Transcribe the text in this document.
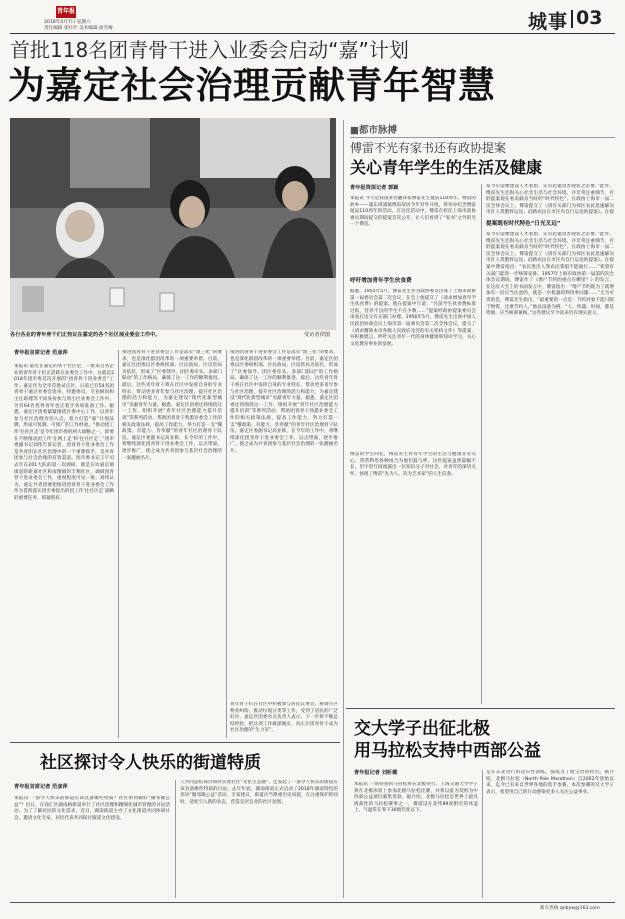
青年报
2018年4月7日 星期六
责任编辑 张红叶 美术编辑 徐雪梅	城事 03
首批118名团青骨干进入业委会启动“嘉”计划
为嘉定社会治理贡献青年智慧
各行各业的青年骨干们正热议在嘉定的各个社区展业委会工作中。	受访者供图
■都市脉搏
傅雷不光有家书还有政协提案
关心青年学生的生活及健康
青年报资深记者 郭颖
本报讯 今天是我国著名翻译家傅雷先生诞辰110周年。傅雷的故乡——浦东周浦镇傅雷故居今年对外开放，将举办纪念傅雷诞辰110周年的活动。在这次活动中，傅雷在担任上海市政协委员期间提交的提案首次公开，让人们看到了“家书”之外的另一个傅雷。
呼吁增加青年学生伙食费
据悉，1955年5月，傅雷先生作为政协委员出席了上海市政协第一届委员会第二次会议，在会上他提交了《请求增加青年学生伙食费》的提案。他在提案中写道：“目前学生伙食费标准过低，营养不良的学生不在少数……”提案经政协提案委员会审查后送交有关部门办理。1956年5月，傅雷先生出席中国人民政治协商会议上海市第一届委员会第二次全体会议，提交了《请求精简本市各级人民政府及党的有关机构文件》等提案，并积极建言，呼吁关注青年一代的身体健康和知识学习，关心文化教育事业的发展。
傅雷的学生回忆，傅雷先生对青年学生的生活与健康非常关心，常常利用各种场合为他们鼓与呼。这些提案虽然篇幅不长，但字里行间流露出一位知识分子对社会、对青年的深切关怀，体现了傅雷“先为人、次为艺术家”的人生信条。
家今后需要建设人才着想，实有迅速改善现状之必要。”此外，傅雷先生还很关心社会生活与社会环境，并非常注重细节，有的提案现在看来颇具当时的“时代特色”。在政协上海市一届二次全体会议上，傅雷提交了《请有关部门为郊区农民迅速解决市区人粪肥料运送、沿路农民在市区内自行运送的提案》。在提
提案既有时代特色“日光叉远”
家今后需要建设人才着想，实有迅速改善现状之必要。”此外，傅雷先生还很关心社会生活与社会环境，并非常注重细节，有的提案现在看来颇具当时的“时代特色”。在政协上海市一届二次全体会议上，傅雷提交了《请有关部门为郊区农民迅速解决市区人粪肥料运送、沿路农民在市区内自行运送的提案》。在提案中傅雷指出：“农民进出人粪农民粪船不能通行……”希望有关部门能进一步统筹安排。1957年上海市政协第一届第四次全体会议期间，傅雷作了《增产节约的重点在哪里？》的发言，在这次大会上的书面发言中，傅雷指出：“增产节约既为了既增加有一倍应当注意的，就是一台机器的利用率问题……”尤为可贵的是，傅雷先生指出，“最重要的一点是：节约对象不能只限于物资，还要节约人。”他以设备为例，“人、机器、时间，都是资源，应当统筹兼顾。”这些建议至今读来仍有现实意义。
青年报首席记者 范彦萍
本报讯 最近在嘉定的各个社区里，一批来自各企业的青年骨干们正活跃在业委会工作中，这就是2018年团市委首次开展的“团青骨干进业委会”工作。嘉定作为全市首批试点区，日前已有54名团青骨干通过业委会选举，特邀委员，专业顾问和主任助理等不同身份参与到小区业委会工作中。另有64名优秀青年也正着手各项准备工作。据悉，嘉定区团委紧紧围绕区委中心工作，以青年参与社区治理为切入点，着力打造“嘉”计划品牌，形成可复制、可推广的工作经验。“推动团工作‘往社区走’是今年团市委的两大战略之一，即要在不断推动团工作‘在网上走’和‘往社区走’，”团市委副书记刘伟告诉记者，团青骨干进业委会工作是共青团在社区治理中的一个重要抓手，是共青团参与社会治理的有效渠道。团市委书记王宇司去年在201大队的第一次调研，就是在访嘉定镇街道的新嘉社区和南翔镇的丰翔社区，调研团青骨干进业委会工作，重视程度可见一斑。刘伟认为，嘉定共青团要把推进团青骨干进业委会工作作为贯彻落实团市委提出的团工作‘往社区走’战略的重要任务，抓紧抓好。
推进团青骨干进业委会工作是落实“建三化”的要求，也是深化群团改革的一项重要举措。目前，嘉定区团委以区委组织部、区民政局、区房管局为依托，形成了“区委领导、团区委牵头、多部门联动”的工作格局，确保了这一工作的顺利推进。最后，这些青年骨干将在社区中发挥自身的专业特长，带动更多青年参与社区治理，提升社区治理的活力和能力，为嘉定建设“现代化新型城市”贡献青年力量。据悉，嘉定区团委还将围绕这一工作，组织开展“青年社区治理能力提升培训”等系列活动，帮助团青骨干熟悉业委会工作的相关政策法规，提高工作能力，努力打造一支“懂政策、有能力、肯奉献”的青年社区治理骨干队伍。嘉定区委副书记高亚称，在今年的工作中，将继续深化团青骨干进业委会工作，以点带面，逐步推广，使之成为共青团参与基层社会治理的一张靓丽名片。
推进团青骨干进业委会工作是落实“建三化”的要求，也是深化群团改革的一项重要举措。目前，嘉定区团委以区委组织部、区民政局、区房管局为依托，形成了“区委领导、团区委牵头、多部门联动”的工作格局，确保了这一工作的顺利推进。最后，这些青年骨干将在社区中发挥自身的专业特长，带动更多青年参与社区治理，提升社区治理的活力和能力，为嘉定建设“现代化新型城市”贡献青年力量。据悉，嘉定区团委还将围绕这一工作，组织开展“青年社区治理能力提升培训”等系列活动，帮助团青骨干熟悉业委会工作的相关政策法规，提高工作能力，努力打造一支“懂政策、有能力、肯奉献”的青年社区治理骨干队伍。嘉定区委副书记高亚称，在今年的工作中，将继续深化团青骨干进业委会工作，以点带面，逐步推广，使之成为共青团参与基层社会治理的一张靓丽名片。
青年骨干们在社区中积极参与居民议事会、协调小区物业纠纷、推动垃圾分类等工作，受到了居民的广泛好评。嘉定区团委有关负责人表示，下一步将不断总结经验，把这项工作做深做实，真正让团青骨干成为社区治理的“生力军”。
社区探讨令人快乐的街道特质
青年报首席记者 范彦萍
本报讯 一条令人快乐的街道应该具备哪些特质？社区如何做好“微邻微公益”？近日，在徐汇区湖南路街道举行了社区治理和精细化城市管理的讨论活动。为了了解居民的文化需求，近日，湖南街道主办了文化街道共同体研讨会，邀请文化专家、居民代表共同探讨街道文化建设。
人共同总结探讨如何实现社区“文化生态圈”，还发起了一条令人快乐的街道应该具备哪些特质的讨论。去年年底，湖南街道正式启动了2018年湖南特色的邻居“微邻微公益”活动。专家建议，街道应当尊重历史风貌，在注重保护的同时，适度引入新的业态，营造宜居宜业的社区氛围。
交大学子出征北极
用马拉松支持中西部公益
青年报记者 刘昕璐
本报讯 一场特别的马拉松将在北极举行，上海交通大学学子将在北极冰原上参加北极马拉松比赛，并将以此为契机为中西部公益项目募集善款。据介绍，北极马拉松是世界上最具挑战性的马拉松赛事之一，赛道设在北纬89度附近的冰盖上，气温常在零下30摄氏度以下。
是在东北进行的适应性训练，都成为了他宝贵的经历。据介绍，北极马拉松（North Pole Marathon）自2002年创始以来，迄今已有来自世界各地的选手参赛。本次参赛的交大学子表示，希望用自己的行动感染更多人关注公益事业。
新车热线 qnbyw@163.com
